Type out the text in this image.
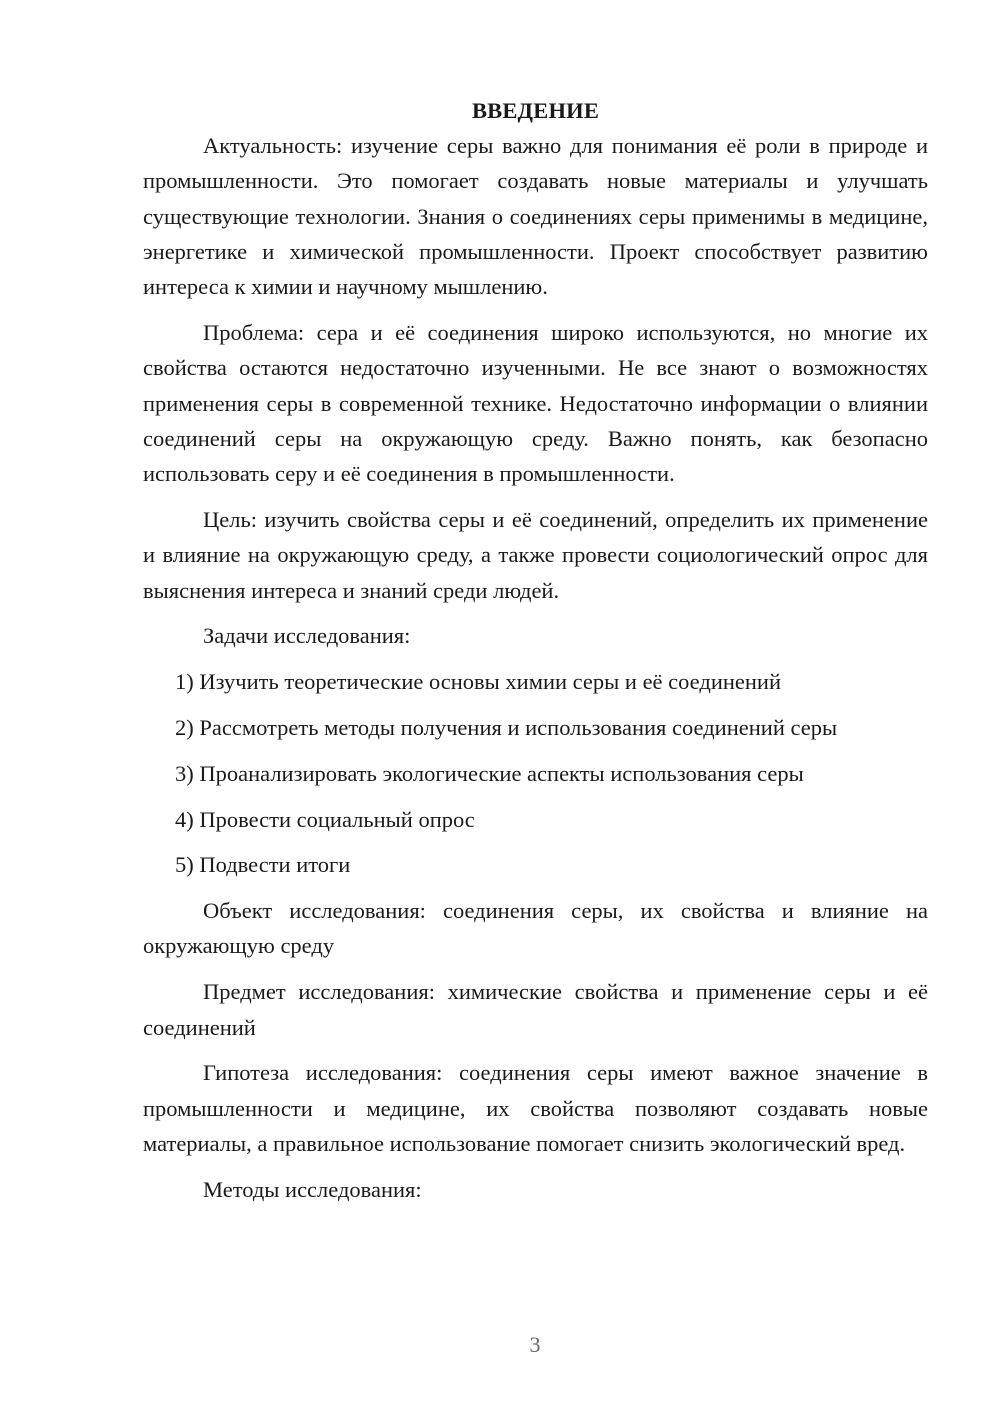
ВВЕДЕНИЕ

Актуальность: изучение серы важно для понимания её роли в природе и промышленности. Это помогает создавать новые материалы и улучшать существующие технологии. Знания о соединениях серы применимы в медицине, энергетике и химической промышленности. Проект способствует развитию интереса к химии и научному мышлению.

Проблема: сера и её соединения широко используются, но многие их свойства остаются недостаточно изученными. Не все знают о возможностях применения серы в современной технике. Недостаточно информации о влиянии соединений серы на окружающую среду. Важно понять, как безопасно использовать серу и её соединения в промышленности.

Цель: изучить свойства серы и её соединений, определить их применение и влияние на окружающую среду, а также провести социологический опрос для выяснения интереса и знаний среди людей.

Задачи исследования:

1) Изучить теоретические основы химии серы и её соединений

2) Рассмотреть методы получения и использования соединений серы

3) Проанализировать экологические аспекты использования серы

4) Провести социальный опрос

5) Подвести итоги

Объект исследования: соединения серы, их свойства и влияние на окружающую среду

Предмет исследования: химические свойства и применение серы и её соединений

Гипотеза исследования: соединения серы имеют важное значение в промышленности и медицине, их свойства позволяют создавать новые материалы, а правильное использование помогает снизить экологический вред.

Методы исследования:

3
